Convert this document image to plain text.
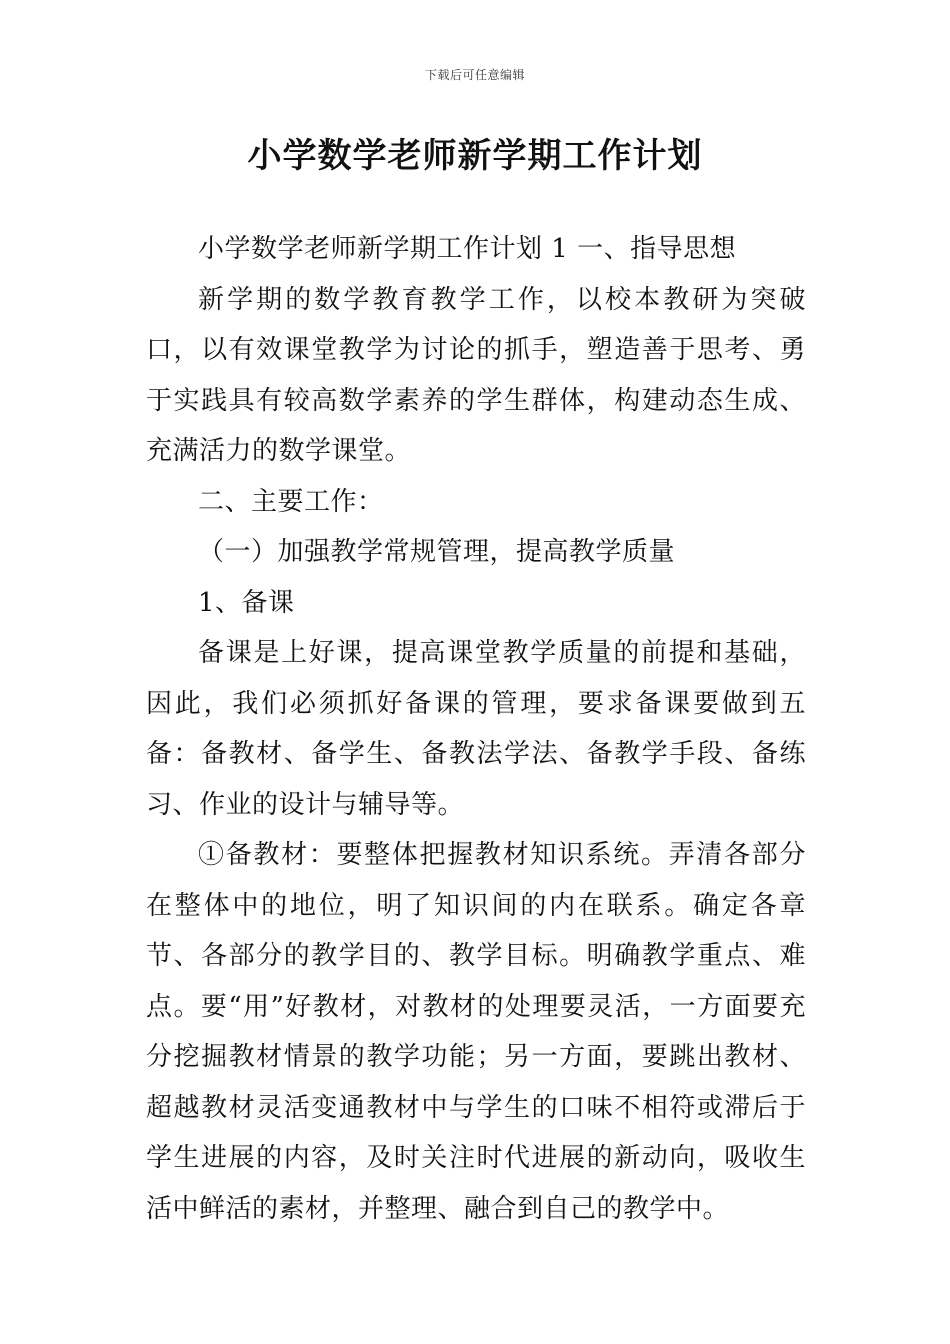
下载后可任意编辑
小学数学老师新学期工作计划

小学数学老师新学期工作计划 1 一、指导思想

新学期的数学教育教学工作，以校本教研为突破口，以有效课堂教学为讨论的抓手，塑造善于思考、勇于实践具有较高数学素养的学生群体，构建动态生成、充满活力的数学课堂。

二、主要工作：

（一）加强教学常规管理，提高教学质量

1、备课

备课是上好课，提高课堂教学质量的前提和基础，因此，我们必须抓好备课的管理，要求备课要做到五备：备教材、备学生、备教法学法、备教学手段、备练习、作业的设计与辅导等。

①备教材：要整体把握教材知识系统。弄清各部分在整体中的地位，明了知识间的内在联系。确定各章节、各部分的教学目的、教学目标。明确教学重点、难点。要“用”好教材，对教材的处理要灵活，一方面要充分挖掘教材情景的教学功能；另一方面，要跳出教材、超越教材灵活变通教材中与学生的口味不相符或滞后于学生进展的内容，及时关注时代进展的新动向，吸收生活中鲜活的素材，并整理、融合到自己的教学中。
